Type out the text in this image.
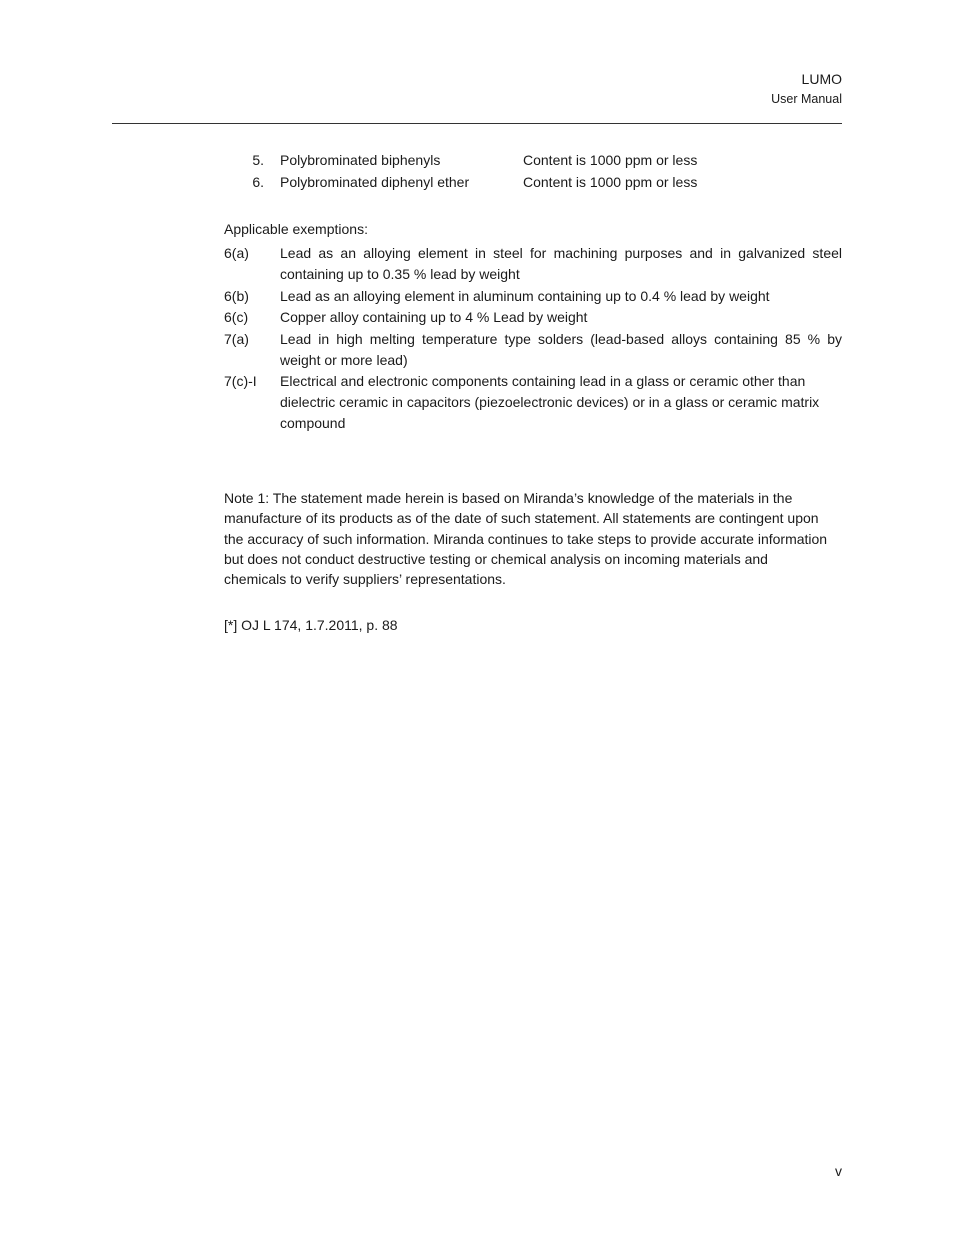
LUMO
User Manual
5. Polybrominated biphenyls	Content is 1000 ppm or less
6. Polybrominated diphenyl ether	Content is 1000 ppm or less
Applicable exemptions:
6(a)	Lead as an alloying element in steel for machining purposes and in galvanized steel containing up to 0.35 % lead by weight
6(b)	Lead as an alloying element in aluminum containing up to 0.4 % lead by weight
6(c)	Copper alloy containing up to 4 % Lead by weight
7(a)	Lead in high melting temperature type solders (lead-based alloys containing 85 % by weight or more lead)
7(c)-I	Electrical and electronic components containing lead in a glass or ceramic other than dielectric ceramic in capacitors (piezoelectronic devices) or in a glass or ceramic matrix compound
Note 1: The statement made herein is based on Miranda’s knowledge of the materials in the manufacture of its products as of the date of such statement. All statements are contingent upon the accuracy of such information. Miranda continues to take steps to provide accurate information but does not conduct destructive testing or chemical analysis on incoming materials and chemicals to verify suppliers’ representations.
[*] OJ L 174, 1.7.2011, p. 88
v
